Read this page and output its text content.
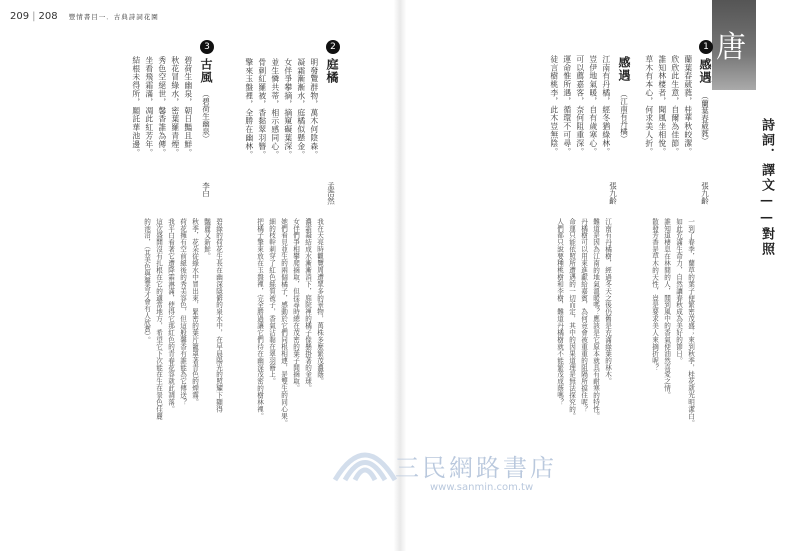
209 | 208 豐情書目一．古典詩詞花園
唐
詩詞．譯文——對照
1
感遇
（蘭葉春葳蕤）
蘭葉春葳蕤，桂華秋皎潔。
欣欣此生意，自爾為佳節。
誰知林棲者，聞風坐相悅。
草木有本心，何求美人折。
張九齡
一到了春季，蘭草的葉子便繁密茂盛；來到秋季，桂花就光明潔白。
如此充滿生命力，自然讓春秋成為美好的節日。
誰知道棲息在林間的人，聞到風中的香氣便油然喜愛之情。
散發芳香是草木的天性，豈是要求美人來摘折呢？
感遇
（江南有丹橘）
江南有丹橘，經冬猶綠林。
豈伊地氣暖，自有歲寒心。
可以薦嘉客，奈何阻重深。
運命惟所遇，循環不可尋。
徒言樹桃李，此木豈無陰。
張九齡
江南有丹橘樹，經過冬天之後仍舊是充滿綠葉的林木。
難道是因為江南的地氣溫暖嗎？應該是它原本就具有耐寒的特性。
丹橘樹可以用來進獻給嘉賓，為何竟會被重重的阻隔所擋住呢？
命運只能依照所遭遇的一切而定，其中的因果道理是無法探究的。
人們都只說要種桃樹和李樹，難道丹橘樹就不能繁茂成蔭嗎？
2
庭橘
明發覽群物，萬木何陰森。
凝霜漸漸水，庭橘似懸金。
女伴爭攀摘，摘窺礙葉深。
並生憐共蒂，相示感同心。
骨刺紅羅被，香黏翠羽簪。
擎來玉盤裡，全勝在幽林。
孟浩然
我在天亮時觀覽周遭眾多的景物，萬株多麼繁茂濃蔭。
濃霜凝結成水漸漸消下，庭院裡的橘子像懸掛著的金球。
女伴們爭相攀爬摘取，但採尋時總在茂密的葉子間摘取。
她們看見並生的兩個橘子，感動於它們同根相連，是雙生的同心果。
細的枝幹刺穿了紅色絲質被子，香氣沾黏在翠羽簪上。
把橘子擎來放在玉盤裡，完全勝過讓它們待在幽深茂密的樹林裡。
3
古風
（碧荷生幽泉）
碧荷生幽泉，朝日豔且鮮。
秋花冒綠水，密葉羅青煙。
秀色空絕世，馨香誰為傳。
坐看飛霜滿，凋此紅芳年。
結根未得所，願託華池邊。
李白
碧綠的荷花生長在幽深隱僻的泉水中，在早晨陽光的照耀下顯得
豔麗又新鮮。
秋季，花朵從綠水中冒出來，緊密的葉片籠罩著青色的煙霧。
荷花擁有空前絕後的秀美容色，但這般馨香有誰能為它傳送？
我平白看著它遭降霜淋滿，使得它那紅色的青春花容就此凋落。
這次盛開沒有扎根在它的適當地方，希望它下次能在生在景色佳麗
的池沼，（其美色與馨香才會有人欣賞）。
三民網路書店
www.sanmin.com.tw
